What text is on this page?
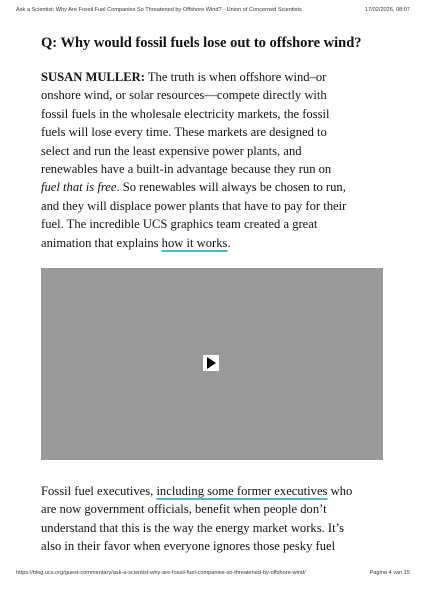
Ask a Scientist: Why Are Fossil Fuel Companies So Threatened by Offshore Wind? - Union of Concerned Scientists	17/02/2026, 08:07
Q: Why would fossil fuels lose out to offshore wind?

SUSAN MULLER: The truth is when offshore wind–or
onshore wind, or solar resources—compete directly with
fossil fuels in the wholesale electricity markets, the fossil
fuels will lose every time. These markets are designed to
select and run the least expensive power plants, and
renewables have a built-in advantage because they run on
fuel that is free. So renewables will always be chosen to run,
and they will displace power plants that have to pay for their
fuel. The incredible UCS graphics team created a great
animation that explains how it works.

Fossil fuel executives, including some former executives who
are now government officials, benefit when people don’t
understand that this is the way the energy market works. It’s
also in their favor when everyone ignores those pesky fuel
https://blog.ucs.org/guest-commentary/ask-a-scientist-why-are-fossil-fuel-companies-so-threatened-by-offshore-wind/	Pagina 4 van 15
